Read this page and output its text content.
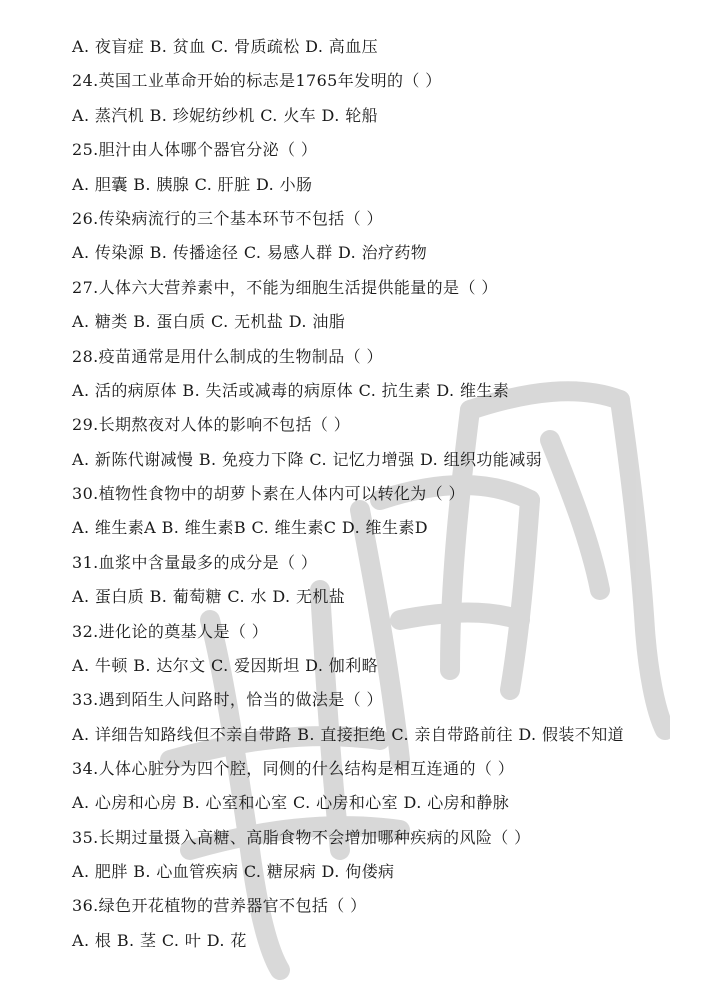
A. 夜盲症 B. 贫血 C. 骨质疏松 D. 高血压
24.英国工业革命开始的标志是1765年发明的（ ）
A. 蒸汽机 B. 珍妮纺纱机 C. 火车 D. 轮船
25.胆汁由人体哪个器官分泌（ ）
A. 胆囊 B. 胰腺 C. 肝脏 D. 小肠
26.传染病流行的三个基本环节不包括（ ）
A. 传染源 B. 传播途径 C. 易感人群 D. 治疗药物
27.人体六大营养素中，不能为细胞生活提供能量的是（ ）
A. 糖类 B. 蛋白质 C. 无机盐 D. 油脂
28.疫苗通常是用什么制成的生物制品（ ）
A. 活的病原体 B. 失活或减毒的病原体 C. 抗生素 D. 维生素
29.长期熬夜对人体的影响不包括（ ）
A. 新陈代谢减慢 B. 免疫力下降 C. 记忆力增强 D. 组织功能减弱
30.植物性食物中的胡萝卜素在人体内可以转化为（ ）
A. 维生素A B. 维生素B C. 维生素C D. 维生素D
31.血浆中含量最多的成分是（ ）
A. 蛋白质 B. 葡萄糖 C. 水 D. 无机盐
32.进化论的奠基人是（ ）
A. 牛顿 B. 达尔文 C. 爱因斯坦 D. 伽利略
33.遇到陌生人问路时，恰当的做法是（ ）
A. 详细告知路线但不亲自带路 B. 直接拒绝 C. 亲自带路前往 D. 假装不知道
34.人体心脏分为四个腔，同侧的什么结构是相互连通的（ ）
A. 心房和心房 B. 心室和心室 C. 心房和心室 D. 心房和静脉
35.长期过量摄入高糖、高脂食物不会增加哪种疾病的风险（ ）
A. 肥胖 B. 心血管疾病 C. 糖尿病 D. 佝偻病
36.绿色开花植物的营养器官不包括（ ）
A. 根 B. 茎 C. 叶 D. 花
